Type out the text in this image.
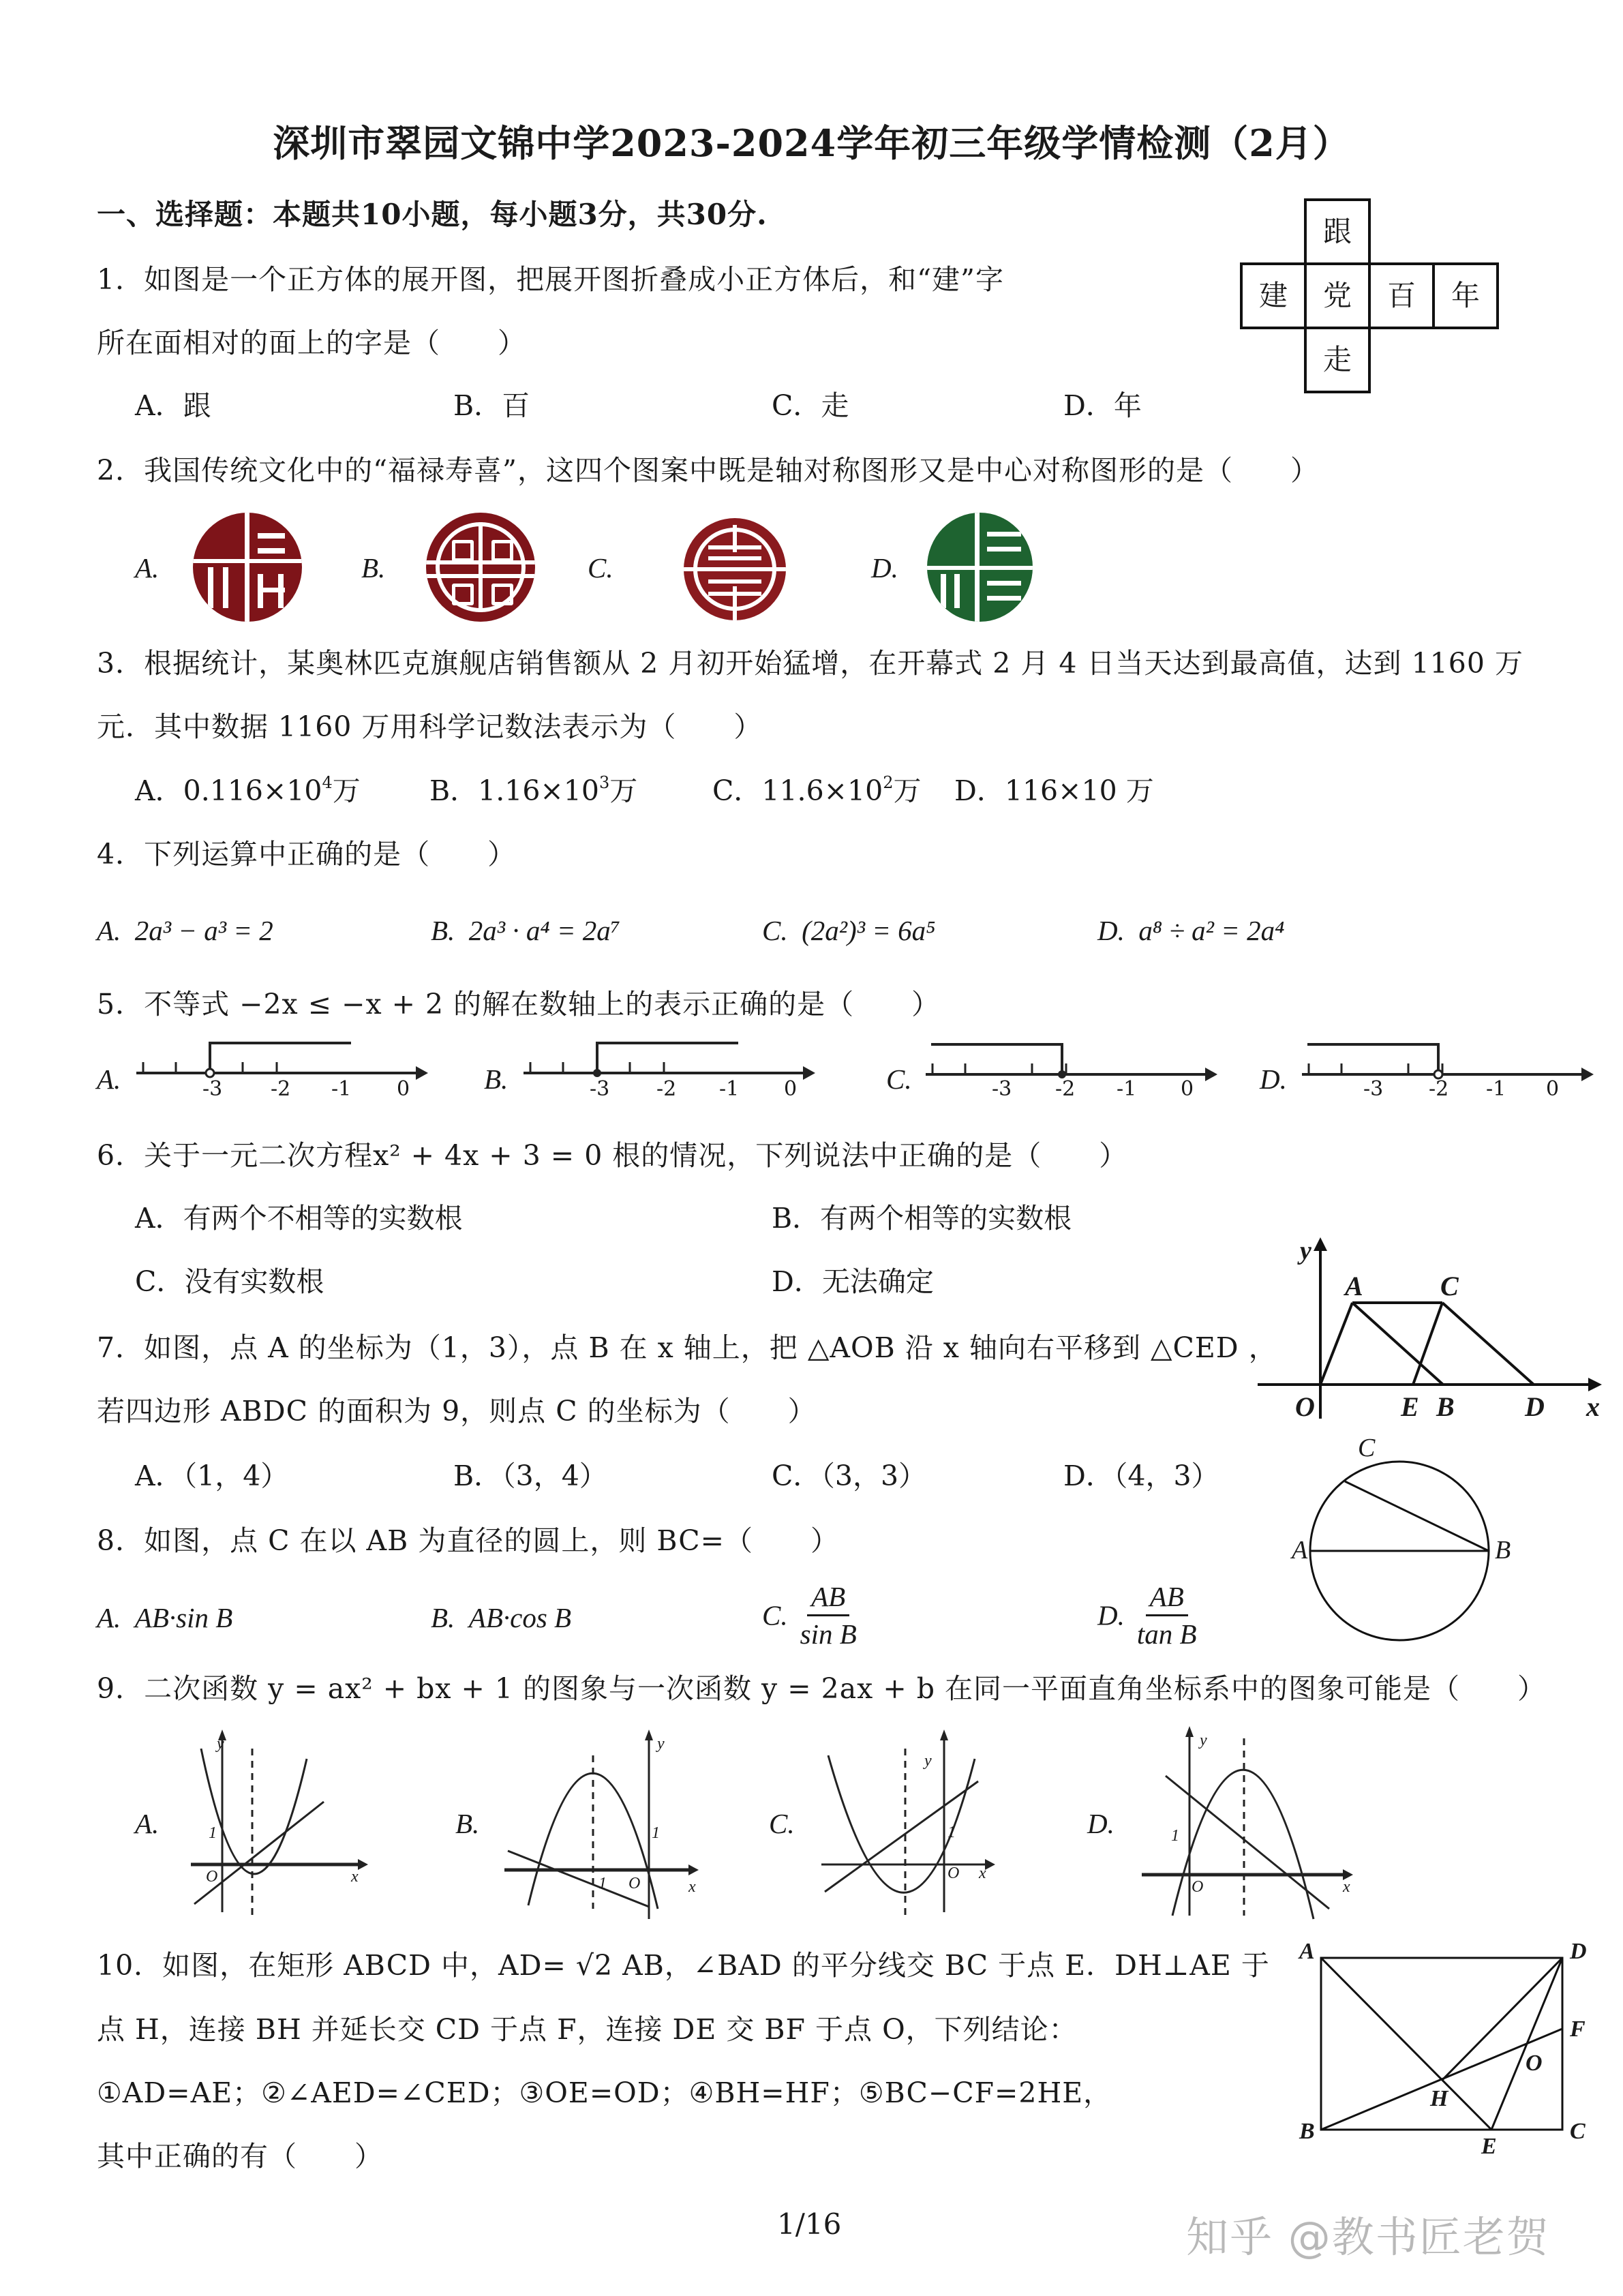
深圳市翠园文锦中学2023-2024学年初三年级学情检测（2月）
一、选择题：本题共10小题，每小题3分，共30分.
1．如图是一个正方体的展开图，把展开图折叠成小正方体后，和“建”字
所在面相对的面上的字是（　　）
A．跟	B．百	C．走	D．年
跟
建	党	百	年
走
2．我国传统文化中的“福禄寿喜”，这四个图案中既是轴对称图形又是中心对称图形的是（　　）
A.	B.	C.	D.
3．根据统计，某奥林匹克旗舰店销售额从 2 月初开始猛增，在开幕式 2 月 4 日当天达到最高值，达到 1160 万
元．其中数据 1160 万用科学记数法表示为（　　）
A．$0.116\times 10^4$万 B．$1.16\times 10^3$万	C．$11.6\times 10^2$万 D．116×10 万
4．下列运算中正确的是（　　）
A. 2a³ − a³ = 2	B. 2a³ · a⁴ = 2a⁷	C. (2a²)³ = 6a⁵	D. a⁸ ÷ a² = 2a⁴
5．不等式 −2x ≤ −x + 2 的解在数轴上的表示正确的是（　　）
A.	-3 -2 -1 0	B.	-3 -2 -1 0	C.	-3 -2 -1 0 D.	-3 -2 -1 0
6．关于一元二次方程x² + 4x + 3 = 0 根的情况，下列说法中正确的是（　　）
A．有两个不相等的实数根	B．有两个相等的实数根
C．没有实数根	D．无法确定
7．如图，点 A 的坐标为（1，3），点 B 在 x 轴上，把 △AOB 沿 x 轴向右平移到 △CED ，
若四边形 ABDC 的面积为 9，则点 C 的坐标为（　　）
A．（1，4）	B．（3，4）	C．（3，3）	D．（4，3）
y
A	C
O	E B	D x
8．如图，点 C 在以 AB 为直径的圆上，则 BC=（　　）
A. AB·sin B	B. AB·cos B	C. $\frac{AB}{\text{sin B}}$	D. $\frac{AB}{\text{tan B}}$
C
A	B
9．二次函数 y = ax² + bx + 1 的图象与一次函数 y = 2ax + b 在同一平面直角坐标系中的图象可能是（　　）
A.
y
1
O	x
B.
y
1
1 O	x
C.
y
1
O x
D.
y
1
O	x
10．如图，在矩形 ABCD 中，AD= √2 AB，∠BAD 的平分线交 BC 于点 E．DH⊥AE 于
点 H，连接 BH 并延长交 CD 于点 F，连接 DE 交 BF 于点 O，下列结论：
①AD=AE；②∠AED=∠CED；③OE=OD；④BH=HF；⑤BC−CF=2HE，
其中正确的有（　　）
A	D
F
O
H
B
E
C
1/16	知乎 @教书匠老贺
